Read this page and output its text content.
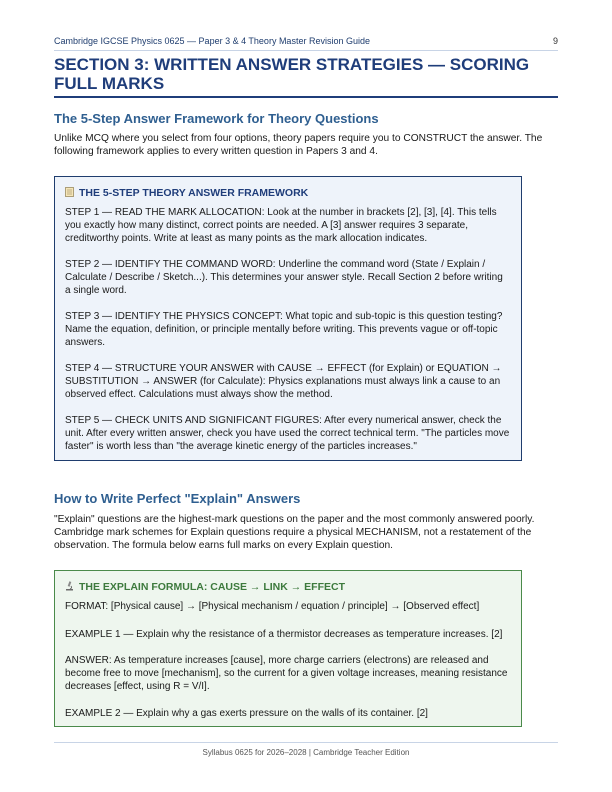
Cambridge IGCSE Physics 0625 — Paper 3 & 4 Theory Master Revision Guide	9
SECTION 3: WRITTEN ANSWER STRATEGIES — SCORING FULL MARKS
The 5-Step Answer Framework for Theory Questions
Unlike MCQ where you select from four options, theory papers require you to CONSTRUCT the answer. The following framework applies to every written question in Papers 3 and 4.
THE 5-STEP THEORY ANSWER FRAMEWORK
STEP 1 — READ THE MARK ALLOCATION: Look at the number in brackets [2], [3], [4]. This tells you exactly how many distinct, correct points are needed. A [3] answer requires 3 separate, creditworthy points. Write at least as many points as the mark allocation indicates.
STEP 2 — IDENTIFY THE COMMAND WORD: Underline the command word (State / Explain / Calculate / Describe / Sketch...). This determines your answer style. Recall Section 2 before writing a single word.
STEP 3 — IDENTIFY THE PHYSICS CONCEPT: What topic and sub-topic is this question testing? Name the equation, definition, or principle mentally before writing. This prevents vague or off-topic answers.
STEP 4 — STRUCTURE YOUR ANSWER with CAUSE → EFFECT (for Explain) or EQUATION → SUBSTITUTION → ANSWER (for Calculate): Physics explanations must always link a cause to an observed effect. Calculations must always show the method.
STEP 5 — CHECK UNITS AND SIGNIFICANT FIGURES: After every numerical answer, check the unit. After every written answer, check you have used the correct technical term. "The particles move faster" is worth less than "the average kinetic energy of the particles increases."
How to Write Perfect "Explain" Answers
"Explain" questions are the highest-mark questions on the paper and the most commonly answered poorly. Cambridge mark schemes for Explain questions require a physical MECHANISM, not a restatement of the observation. The formula below earns full marks on every Explain question.
THE EXPLAIN FORMULA: CAUSE → LINK → EFFECT
FORMAT: [Physical cause] → [Physical mechanism / equation / principle] → [Observed effect]
EXAMPLE 1 — Explain why the resistance of a thermistor decreases as temperature increases. [2]
ANSWER: As temperature increases [cause], more charge carriers (electrons) are released and become free to move [mechanism], so the current for a given voltage increases, meaning resistance decreases [effect, using R = V/I].
EXAMPLE 2 — Explain why a gas exerts pressure on the walls of its container. [2]
Syllabus 0625 for 2026–2028 | Cambridge Teacher Edition
